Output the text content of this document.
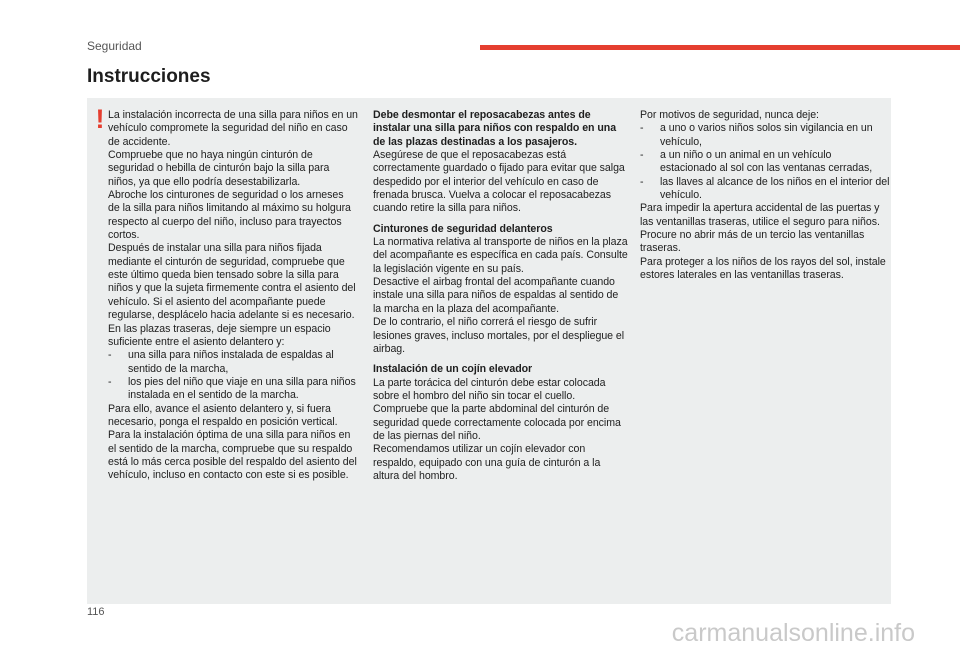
Seguridad
Instrucciones
! La instalación incorrecta de una silla para niños en un vehículo compromete la seguridad del niño en caso de accidente.

Compruebe que no haya ningún cinturón de seguridad o hebilla de cinturón bajo la silla para niños, ya que ello podría desestabilizarla.

Abroche los cinturones de seguridad o los arneses de la silla para niños limitando al máximo su holgura respecto al cuerpo del niño, incluso para trayectos cortos.

Después de instalar una silla para niños fijada mediante el cinturón de seguridad, compruebe que este último queda bien tensado sobre la silla para niños y que la sujeta firmemente contra el asiento del vehículo. Si el asiento del acompañante puede regularse, desplácelo hacia adelante si es necesario.

En las plazas traseras, deje siempre un espacio suficiente entre el asiento delantero y:

- una silla para niños instalada de espaldas al sentido de la marcha,

- los pies del niño que viaje en una silla para niños instalada en el sentido de la marcha.

Para ello, avance el asiento delantero y, si fuera necesario, ponga el respaldo en posición vertical.

Para la instalación óptima de una silla para niños en el sentido de la marcha, compruebe que su respaldo está lo más cerca posible del respaldo del asiento del vehículo, incluso en contacto con este si es posible.

Debe desmontar el reposacabezas antes de instalar una silla para niños con respaldo en una de las plazas destinadas a los pasajeros.

Asegúrese de que el reposacabezas está correctamente guardado o fijado para evitar que salga despedido por el interior del vehículo en caso de frenada brusca. Vuelva a colocar el reposacabezas cuando retire la silla para niños.

Cinturones de seguridad delanteros

La normativa relativa al transporte de niños en la plaza del acompañante es específica en cada país. Consulte la legislación vigente en su país.

Desactive el airbag frontal del acompañante cuando instale una silla para niños de espaldas al sentido de la marcha en la plaza del acompañante.

De lo contrario, el niño correrá el riesgo de sufrir lesiones graves, incluso mortales, por el despliegue el airbag.

Instalación de un cojín elevador

La parte torácica del cinturón debe estar colocada sobre el hombro del niño sin tocar el cuello.

Compruebe que la parte abdominal del cinturón de seguridad quede correctamente colocada por encima de las piernas del niño.

Recomendamos utilizar un cojín elevador con respaldo, equipado con una guía de cinturón a la altura del hombro.

Por motivos de seguridad, nunca deje:

- a uno o varios niños solos sin vigilancia en un vehículo,

- a un niño o un animal en un vehículo estacionado al sol con las ventanas cerradas,

- las llaves al alcance de los niños en el interior del vehículo.

Para impedir la apertura accidental de las puertas y las ventanillas traseras, utilice el seguro para niños.

Procure no abrir más de un tercio las ventanillas traseras.

Para proteger a los niños de los rayos del sol, instale estores laterales en las ventanillas traseras.

116
carmanualsonline.info
